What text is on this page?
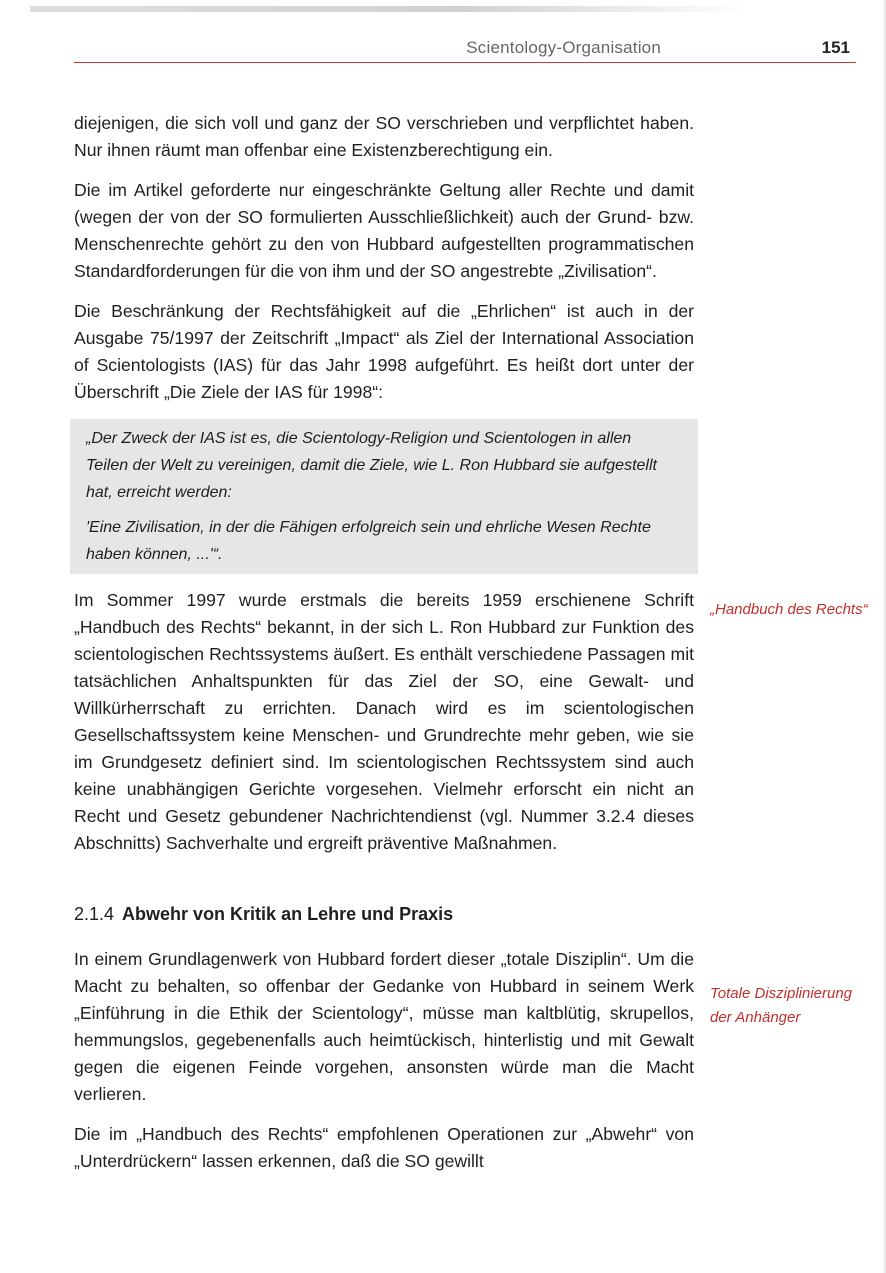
Scientology-Organisation	151

diejenigen, die sich voll und ganz der SO verschrieben und verpflichtet haben. Nur ihnen räumt man offenbar eine Existenzberechtigung ein.

Die im Artikel geforderte nur eingeschränkte Geltung aller Rechte und damit (wegen der von der SO formulierten Ausschließlichkeit) auch der Grund- bzw. Menschenrechte gehört zu den von Hubbard aufgestellten programmatischen Standardforderungen für die von ihm und der SO angestrebte „Zivilisation“.

Die Beschränkung der Rechtsfähigkeit auf die „Ehrlichen“ ist auch in der Ausgabe 75/1997 der Zeitschrift „Impact“ als Ziel der International Association of Scientologists (IAS) für das Jahr 1998 aufgeführt. Es heißt dort unter der Überschrift „Die Ziele der IAS für 1998“:

„Der Zweck der IAS ist es, die Scientology-Religion und Scientologen in allen Teilen der Welt zu vereinigen, damit die Ziele, wie L. Ron Hubbard sie aufgestellt hat, erreicht werden:

'Eine Zivilisation, in der die Fähigen erfolgreich sein und ehrliche Wesen Rechte haben können, ...'“.

Im Sommer 1997 wurde erstmals die bereits 1959 erschienene Schrift „Handbuch des Rechts“ bekannt, in der sich L. Ron Hubbard zur Funktion des scientologischen Rechtssystems äußert. Es enthält verschiedene Passagen mit tatsächlichen Anhaltspunkten für das Ziel der SO, eine Gewalt- und Willkürherrschaft zu errichten. Danach wird es im scientologischen Gesellschaftssystem keine Menschen- und Grundrechte mehr geben, wie sie im Grundgesetz definiert sind. Im scientologischen Rechtssystem sind auch keine unabhängigen Gerichte vorgesehen. Vielmehr erforscht ein nicht an Recht und Gesetz gebundener Nachrichtendienst (vgl. Nummer 3.2.4 dieses Abschnitts) Sachverhalte und ergreift präventive Maßnahmen.

2.1.4 Abwehr von Kritik an Lehre und Praxis

In einem Grundlagenwerk von Hubbard fordert dieser „totale Disziplin“. Um die Macht zu behalten, so offenbar der Gedanke von Hubbard in seinem Werk „Einführung in die Ethik der Scientology“, müsse man kaltblütig, skrupellos, hemmungslos, gegebenenfalls auch heimtückisch, hinterlistig und mit Gewalt gegen die eigenen Feinde vorgehen, ansonsten würde man die Macht verlieren.

Die im „Handbuch des Rechts“ empfohlenen Operationen zur „Abwehr“ von „Unterdrückern“ lassen erkennen, daß die SO gewillt

„Handbuch des Rechts“
Totale Disziplinierung der Anhänger
